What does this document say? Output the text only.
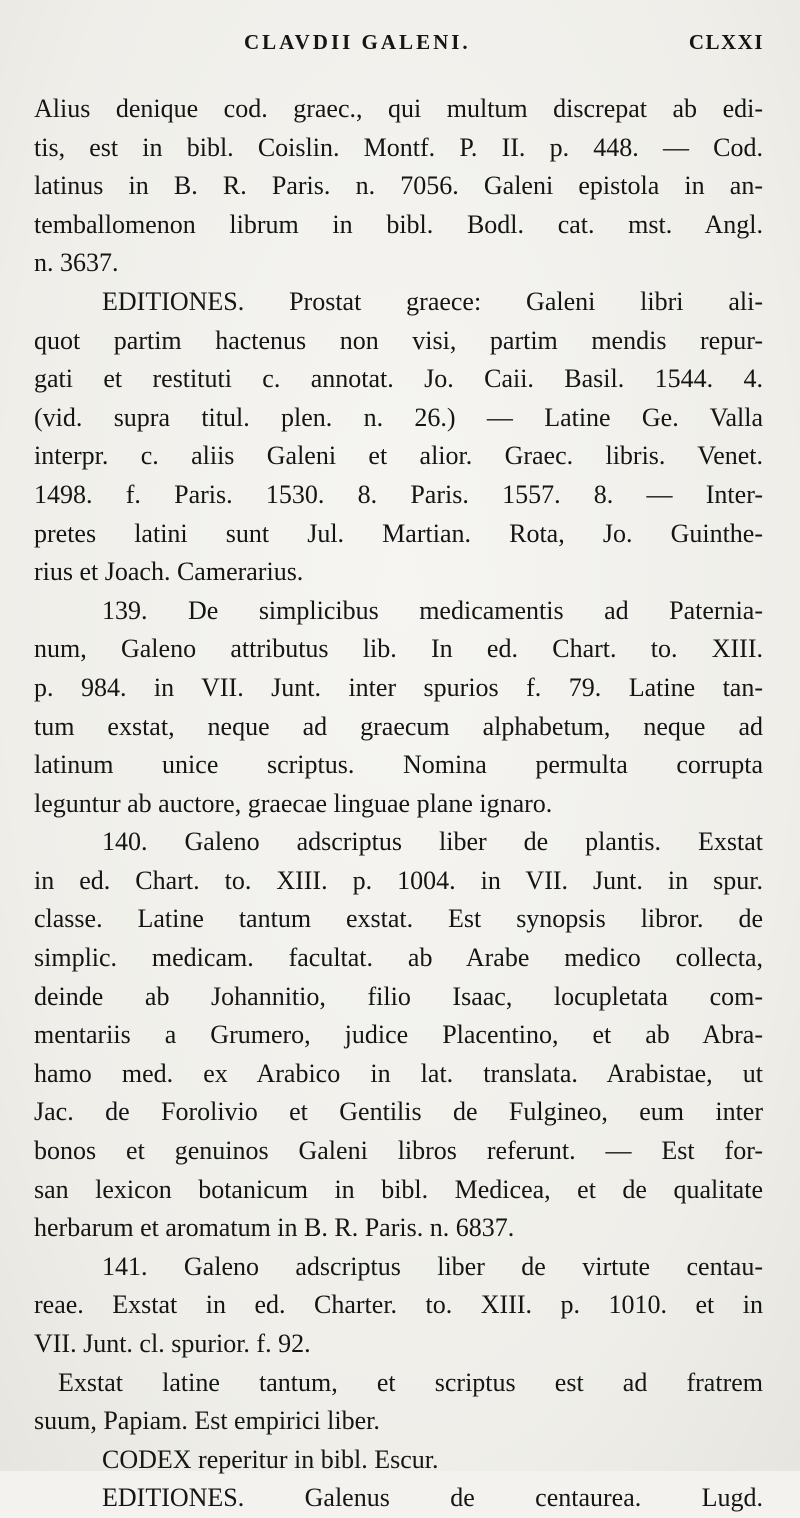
CLAVDII GALENI.	CLXXI
Alius denique cod. graec., qui multum discrepat ab edi-
tis, est in bibl. Coislin. Montf. P. II. p. 448. — Cod.
latinus in B. R. Paris. n. 7056. Galeni epistola in an-
temballomenon librum in bibl. Bodl. cat. mst. Angl.
n. 3637.
EDITIONES. Prostat graece: Galeni libri ali-
quot partim hactenus non visi, partim mendis repur-
gati et restituti c. annotat. Jo. Caii. Basil. 1544. 4.
(vid. supra titul. plen. n. 26.) — Latine Ge. Valla
interpr. c. aliis Galeni et alior. Graec. libris. Venet.
1498. f. Paris. 1530. 8. Paris. 1557. 8. — Inter-
pretes latini sunt Jul. Martian. Rota, Jo. Guinthe-
rius et Joach. Camerarius.
139. De simplicibus medicamentis ad Paternia-
num, Galeno attributus lib. In ed. Chart. to. XIII.
p. 984. in VII. Junt. inter spurios f. 79. Latine tan-
tum exstat, neque ad graecum alphabetum, neque ad
latinum unice scriptus. Nomina permulta corrupta
leguntur ab auctore, graecae linguae plane ignaro.
140. Galeno adscriptus liber de plantis. Exstat
in ed. Chart. to. XIII. p. 1004. in VII. Junt. in spur.
classe. Latine tantum exstat. Est synopsis libror. de
simplic. medicam. facultat. ab Arabe medico collecta,
deinde ab Johannitio, filio Isaac, locupletata com-
mentariis a Grumero, judice Placentino, et ab Abra-
hamo med. ex Arabico in lat. translata. Arabistae, ut
Jac. de Forolivio et Gentilis de Fulgineo, eum inter
bonos et genuinos Galeni libros referunt. — Est for-
san lexicon botanicum in bibl. Medicea, et de qualitate
herbarum et aromatum in B. R. Paris. n. 6837.
141. Galeno adscriptus liber de virtute centau-
reae. Exstat in ed. Charter. to. XIII. p. 1010. et in
VII. Junt. cl. spurior. f. 92.
Exstat latine tantum, et scriptus est ad fratrem
suum, Papiam. Est empirici liber.
CODEX reperitur in bibl. Escur.
EDITIONES. Galenus de centaurea. Lugd.
